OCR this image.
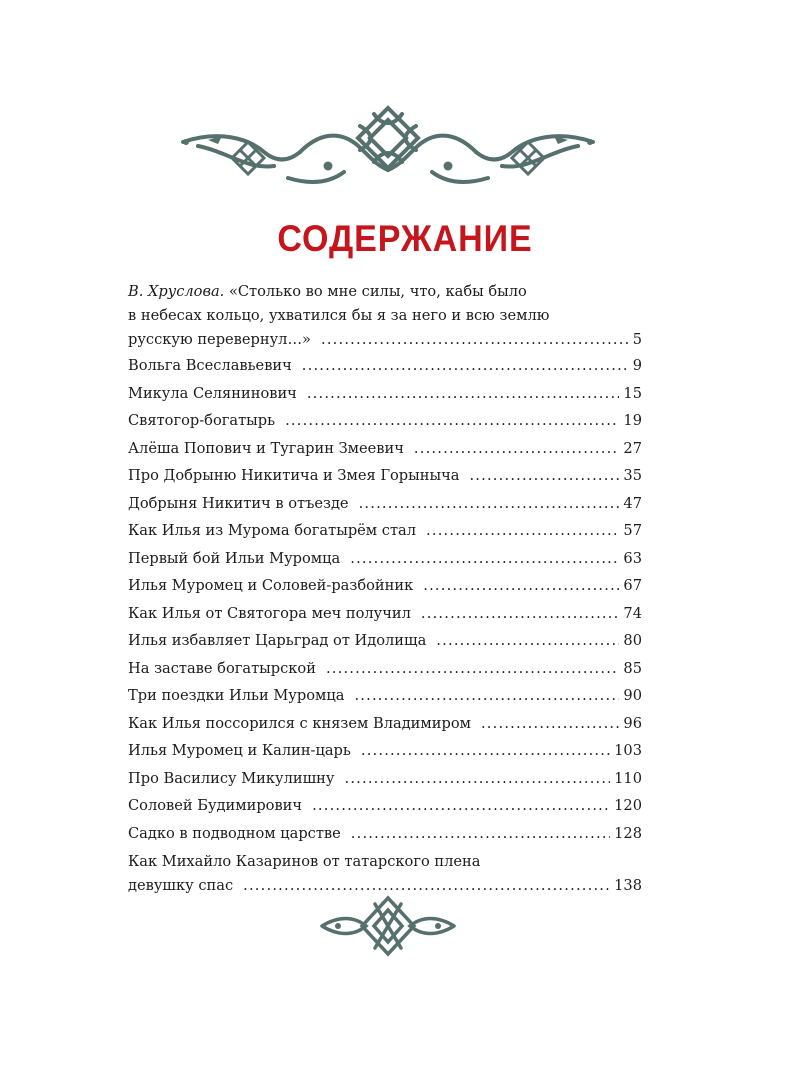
СОДЕРЖАНИЕ
В. Хруслова. «Столько во мне силы, что, кабы было
в небесах кольцо, ухватился бы я за него и всю землю
русскую перевернул…» .....	5
Вольга Всеславьевич .....	9
Микула Селянинович .....	15
Святогор-богатырь .....	19
Алёша Попович и Тугарин Змеевич .....	27
Про Добрыню Никитича и Змея Горыныча .....	35
Добрыня Никитич в отъезде .....	47
Как Илья из Мурома богатырём стал .....	57
Первый бой Ильи Муромца .....	63
Илья Муромец и Соловей-разбойник .....	67
Как Илья от Святогора меч получил .....	74
Илья избавляет Царьград от Идолища .....	80
На заставе богатырской .....	85
Три поездки Ильи Муромца .....	90
Как Илья поссорился с князем Владимиром .....	96
Илья Муромец и Калин-царь .....	103
Про Василису Микулишну .....	110
Соловей Будимирович .....	120
Садко в подводном царстве .....	128
Как Михайло Казаринов от татарского плена
девушку спас .....	138
